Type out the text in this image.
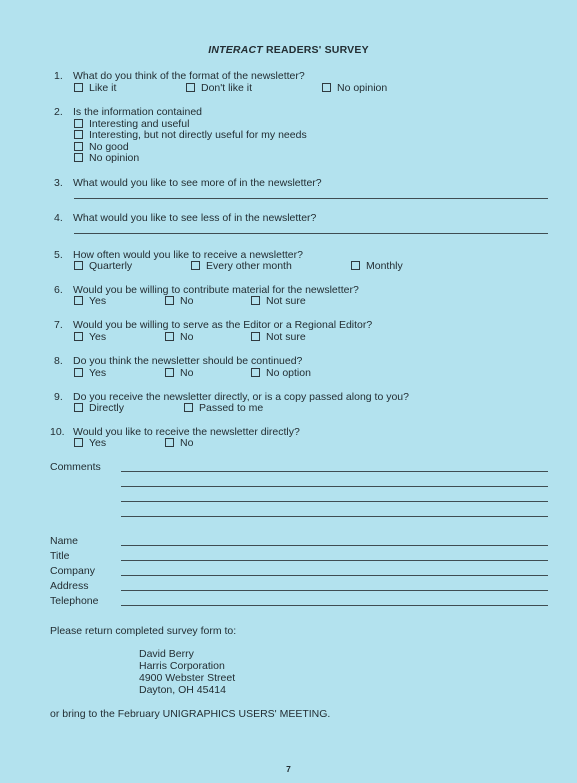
INTERACT READERS' SURVEY
1. What do you think of the format of the newsletter?
Like it	Don't like it	No opinion
2. Is the information contained
Interesting and useful
Interesting, but not directly useful for my needs
No good
No opinion
3. What would you like to see more of in the newsletter?
4. What would you like to see less of in the newsletter?
5. How often would you like to receive a newsletter?
Quarterly	Every other month	Monthly
6. Would you be willing to contribute material for the newsletter?
Yes	No	Not sure
7. Would you be willing to serve as the Editor or a Regional Editor?
Yes	No	Not sure
8. Do you think the newsletter should be continued?
Yes	No	No option
9. Do you receive the newsletter directly, or is a copy passed along to you?
Directly	Passed to me
10. Would you like to receive the newsletter directly?
Yes	No
Comments
Name
Title
Company
Address
Telephone
Please return completed survey form to:
David Berry
Harris Corporation
4900 Webster Street
Dayton, OH 45414
or bring to the February UNIGRAPHICS USERS' MEETING.
7
